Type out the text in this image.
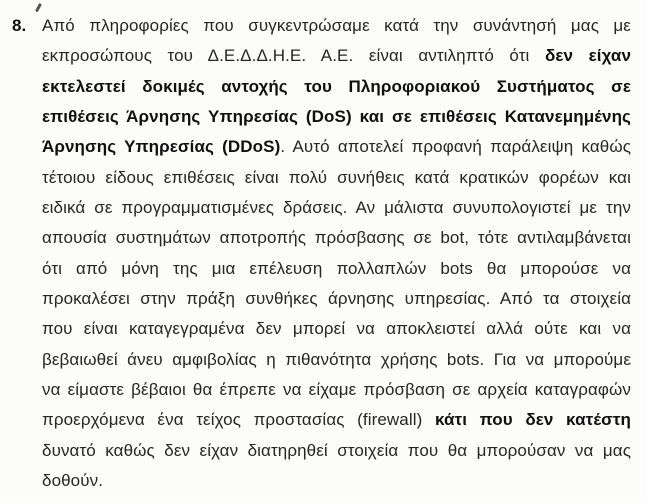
8. Από πληροφορίες που συγκεντρώσαμε κατά την συνάντησή μας με
εκπροσώπους του Δ.Ε.Δ.Δ.Η.Ε. Α.Ε. είναι αντιληπτό ότι δεν είχαν
εκτελεστεί δοκιμές αντοχής του Πληροφοριακού Συστήματος σε
επιθέσεις Άρνησης Υπηρεσίας (DoS) και σε επιθέσεις Κατανεμημένης
Άρνησης Υπηρεσίας (DDoS). Αυτό αποτελεί προφανή παράλειψη καθώς
τέτοιου είδους επιθέσεις είναι πολύ συνήθεις κατά κρατικών φορέων και
ειδικά σε προγραμματισμένες δράσεις. Αν μάλιστα συνυπολογιστεί με την
απουσία συστημάτων αποτροπής πρόσβασης σε bot, τότε αντιλαμβάνεται
ότι από μόνη της μια επέλευση πολλαπλών bots θα μπορούσε να
προκαλέσει στην πράξη συνθήκες άρνησης υπηρεσίας. Από τα στοιχεία
που είναι καταγεγραμένα δεν μπορεί να αποκλειστεί αλλά ούτε και να
βεβαιωθεί άνευ αμφιβολίας η πιθανότητα χρήσης bots. Για να μπορούμε
να είμαστε βέβαιοι θα έπρεπε να είχαμε πρόσβαση σε αρχεία καταγραφών
προερχόμενα ένα τείχος προστασίας (firewall) κάτι που δεν κατέστη
δυνατό καθώς δεν είχαν διατηρηθεί στοιχεία που θα μπορούσαν να μας
δοθούν.
